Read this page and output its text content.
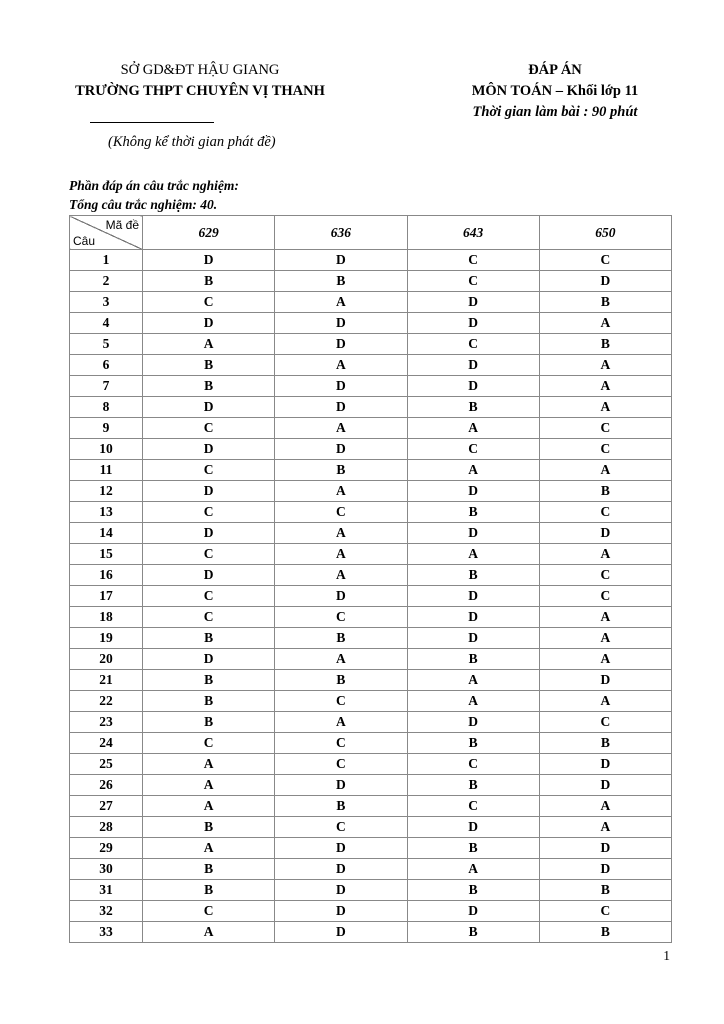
SỞ GD&ĐT HẬU GIANG
TRƯỜNG THPT CHUYÊN VỊ THANH
ĐÁP ÁN
MÔN TOÁN – Khối lớp 11
Thời gian làm bài : 90 phút
(Không kể thời gian phát đề)
Phần đáp án câu trắc nghiệm:
Tổng câu trắc nghiệm: 40.
Mã đề
Câu	629	636	643	650
1	D	D	C	C
2	B	B	C	D
3	C	A	D	B
4	D	D	D	A
5	A	D	C	B
6	B	A	D	A
7	B	D	D	A
8	D	D	B	A
9	C	A	A	C
10	D	D	C	C
11	C	B	A	A
12	D	A	D	B
13	C	C	B	C
14	D	A	D	D
15	C	A	A	A
16	D	A	B	C
17	C	D	D	C
18	C	C	D	A
19	B	B	D	A
20	D	A	B	A
21	B	B	A	D
22	B	C	A	A
23	B	A	D	C
24	C	C	B	B
25	A	C	C	D
26	A	D	B	D
27	A	B	C	A
28	B	C	D	A
29	A	D	B	D
30	B	D	A	D
31	B	D	B	B
32	C	D	D	C
33	A	D	B	B
1
